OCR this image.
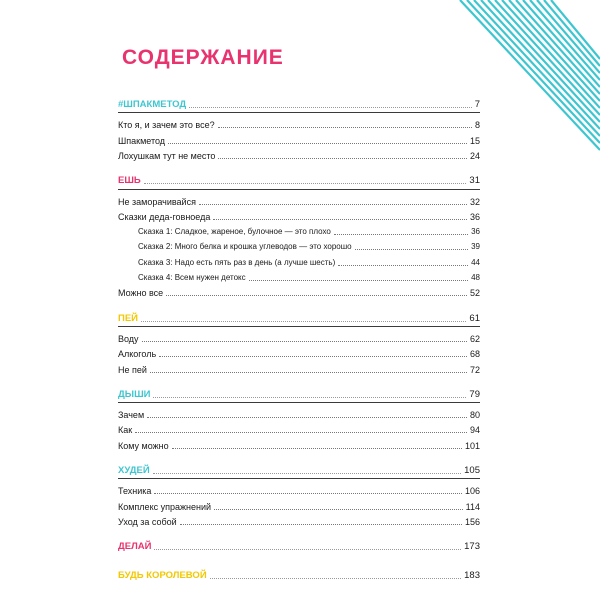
СОДЕРЖАНИЕ
#ШПАКМЕТОД	7
Кто я, и зачем это все?	8
Шпакметод	15
Лохушкам тут не место	24
ЕШЬ	31
Не заморачивайся	32
Сказки деда-говноеда	36
Сказка 1: Сладкое, жареное, булочное — это плохо	36
Сказка 2: Много белка и крошка углеводов — это хорошо	39
Сказка 3: Надо есть пять раз в день (а лучше шесть)	44
Сказка 4: Всем нужен детокс	48
Можно все	52
ПЕЙ	61
Воду	62
Алкоголь	68
Не пей	72
ДЫШИ	79
Зачем	80
Как	94
Кому можно	101
ХУДЕЙ	105
Техника	106
Комплекс упражнений	114
Уход за собой	156
ДЕЛАЙ	173
БУДЬ КОРОЛЕВОЙ	183
